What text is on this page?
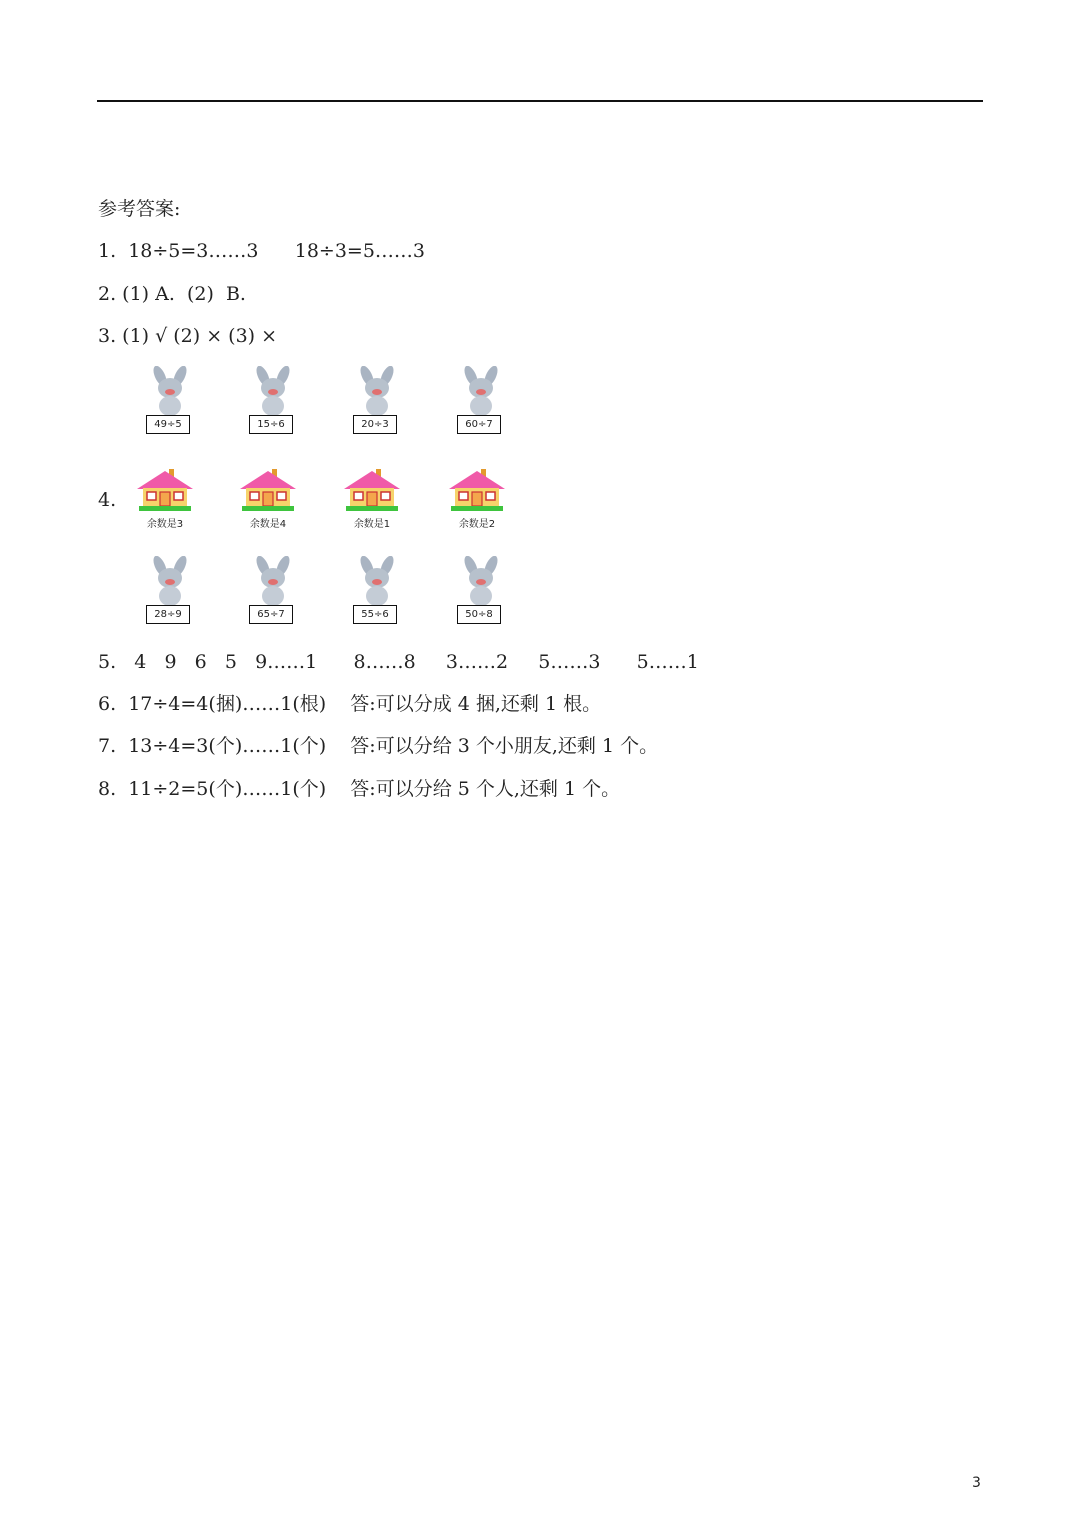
参考答案:
1.  18÷5=3……3      18÷3=5……3
2. (1) A.  (2)  B.
3. (1) √ (2) × (3) ×
4.
49÷5	15÷6	20÷3	60÷7
余数是3	余数是4	余数是1	余数是2
28÷9	65÷7	55÷6	50÷8
5.   4   9   6   5   9……1      8……8     3……2     5……3      5……1
6.  17÷4=4(捆)……1(根)    答:可以分成 4 捆,还剩 1 根。
7.  13÷4=3(个)……1(个)    答:可以分给 3 个小朋友,还剩 1 个。
8.  11÷2=5(个)……1(个)    答:可以分给 5 个人,还剩 1 个。
3
